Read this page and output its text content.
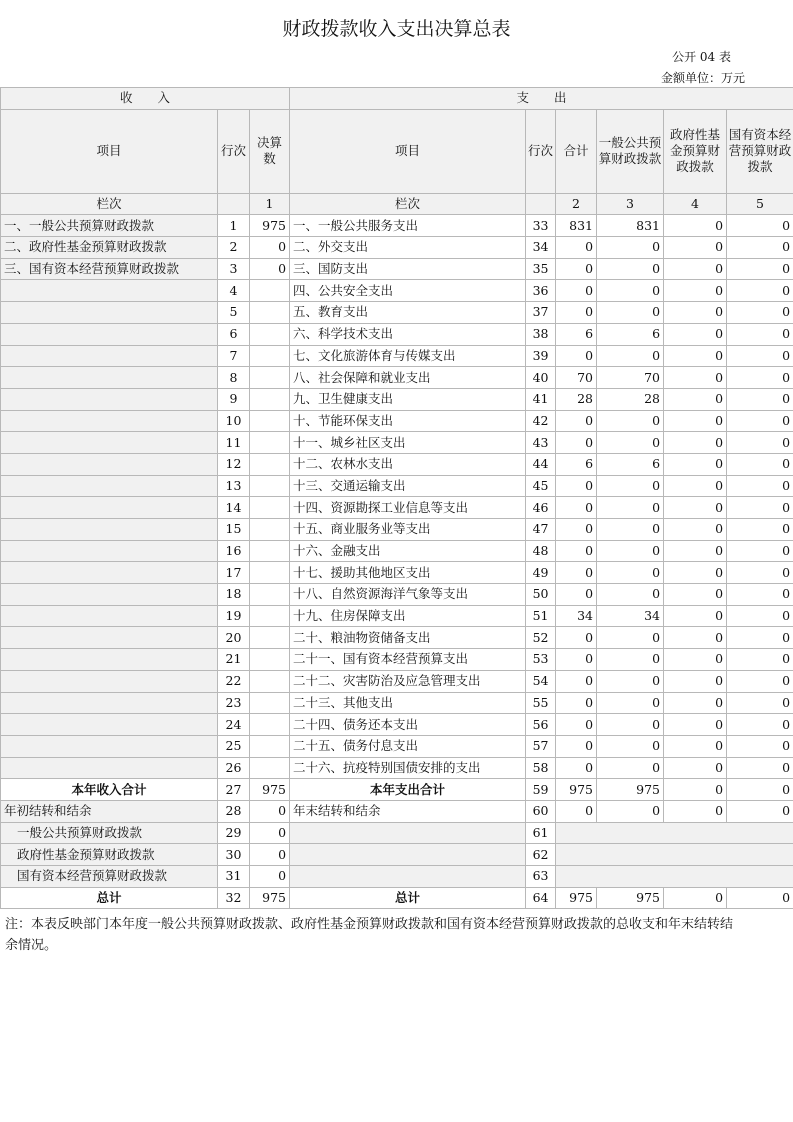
财政拨款收入支出决算总表
公开 04 表
金额单位：万元
收　　入			支　　出					
项目	行次	决算数	项目	行次	合计	一般公共预算财政拨款	政府性基金预算财政拨款	国有资本经营预算财政拨款
栏次		1	栏次		2	3	4	5
一、一般公共预算财政拨款	1	975	一、一般公共服务支出	33	831	831	0	0
二、政府性基金预算财政拨款	2	0	二、外交支出	34	0	0	0	0
三、国有资本经营预算财政拨款	3	0	三、国防支出	35	0	0	0	0
	4		四、公共安全支出	36	0	0	0	0
	5		五、教育支出	37	0	0	0	0
	6		六、科学技术支出	38	6	6	0	0
	7		七、文化旅游体育与传媒支出	39	0	0	0	0
	8		八、社会保障和就业支出	40	70	70	0	0
	9		九、卫生健康支出	41	28	28	0	0
	10		十、节能环保支出	42	0	0	0	0
	11		十一、城乡社区支出	43	0	0	0	0
	12		十二、农林水支出	44	6	6	0	0
	13		十三、交通运输支出	45	0	0	0	0
	14		十四、资源勘探工业信息等支出	46	0	0	0	0
	15		十五、商业服务业等支出	47	0	0	0	0
	16		十六、金融支出	48	0	0	0	0
	17		十七、援助其他地区支出	49	0	0	0	0
	18		十八、自然资源海洋气象等支出	50	0	0	0	0
	19		十九、住房保障支出	51	34	34	0	0
	20		二十、粮油物资储备支出	52	0	0	0	0
	21		二十一、国有资本经营预算支出	53	0	0	0	0
	22		二十二、灾害防治及应急管理支出	54	0	0	0	0
	23		二十三、其他支出	55	0	0	0	0
	24		二十四、债务还本支出	56	0	0	0	0
	25		二十五、债务付息支出	57	0	0	0	0
	26		二十六、抗疫特别国债安排的支出	58	0	0	0	0
本年收入合计	27	975	本年支出合计	59	975	975	0	0
年初结转和结余	28	0	年末结转和结余	60	0	0	0	0
一般公共预算财政拨款	29	0		61				
政府性基金预算财政拨款	30	0		62				
国有资本经营预算财政拨款	31	0		63				
总计	32	975	总计	64	975	975	0	0
注：本表反映部门本年度一般公共预算财政拨款、政府性基金预算财政拨款和国有资本经营预算财政拨款的总收支和年末结转结余情况。
